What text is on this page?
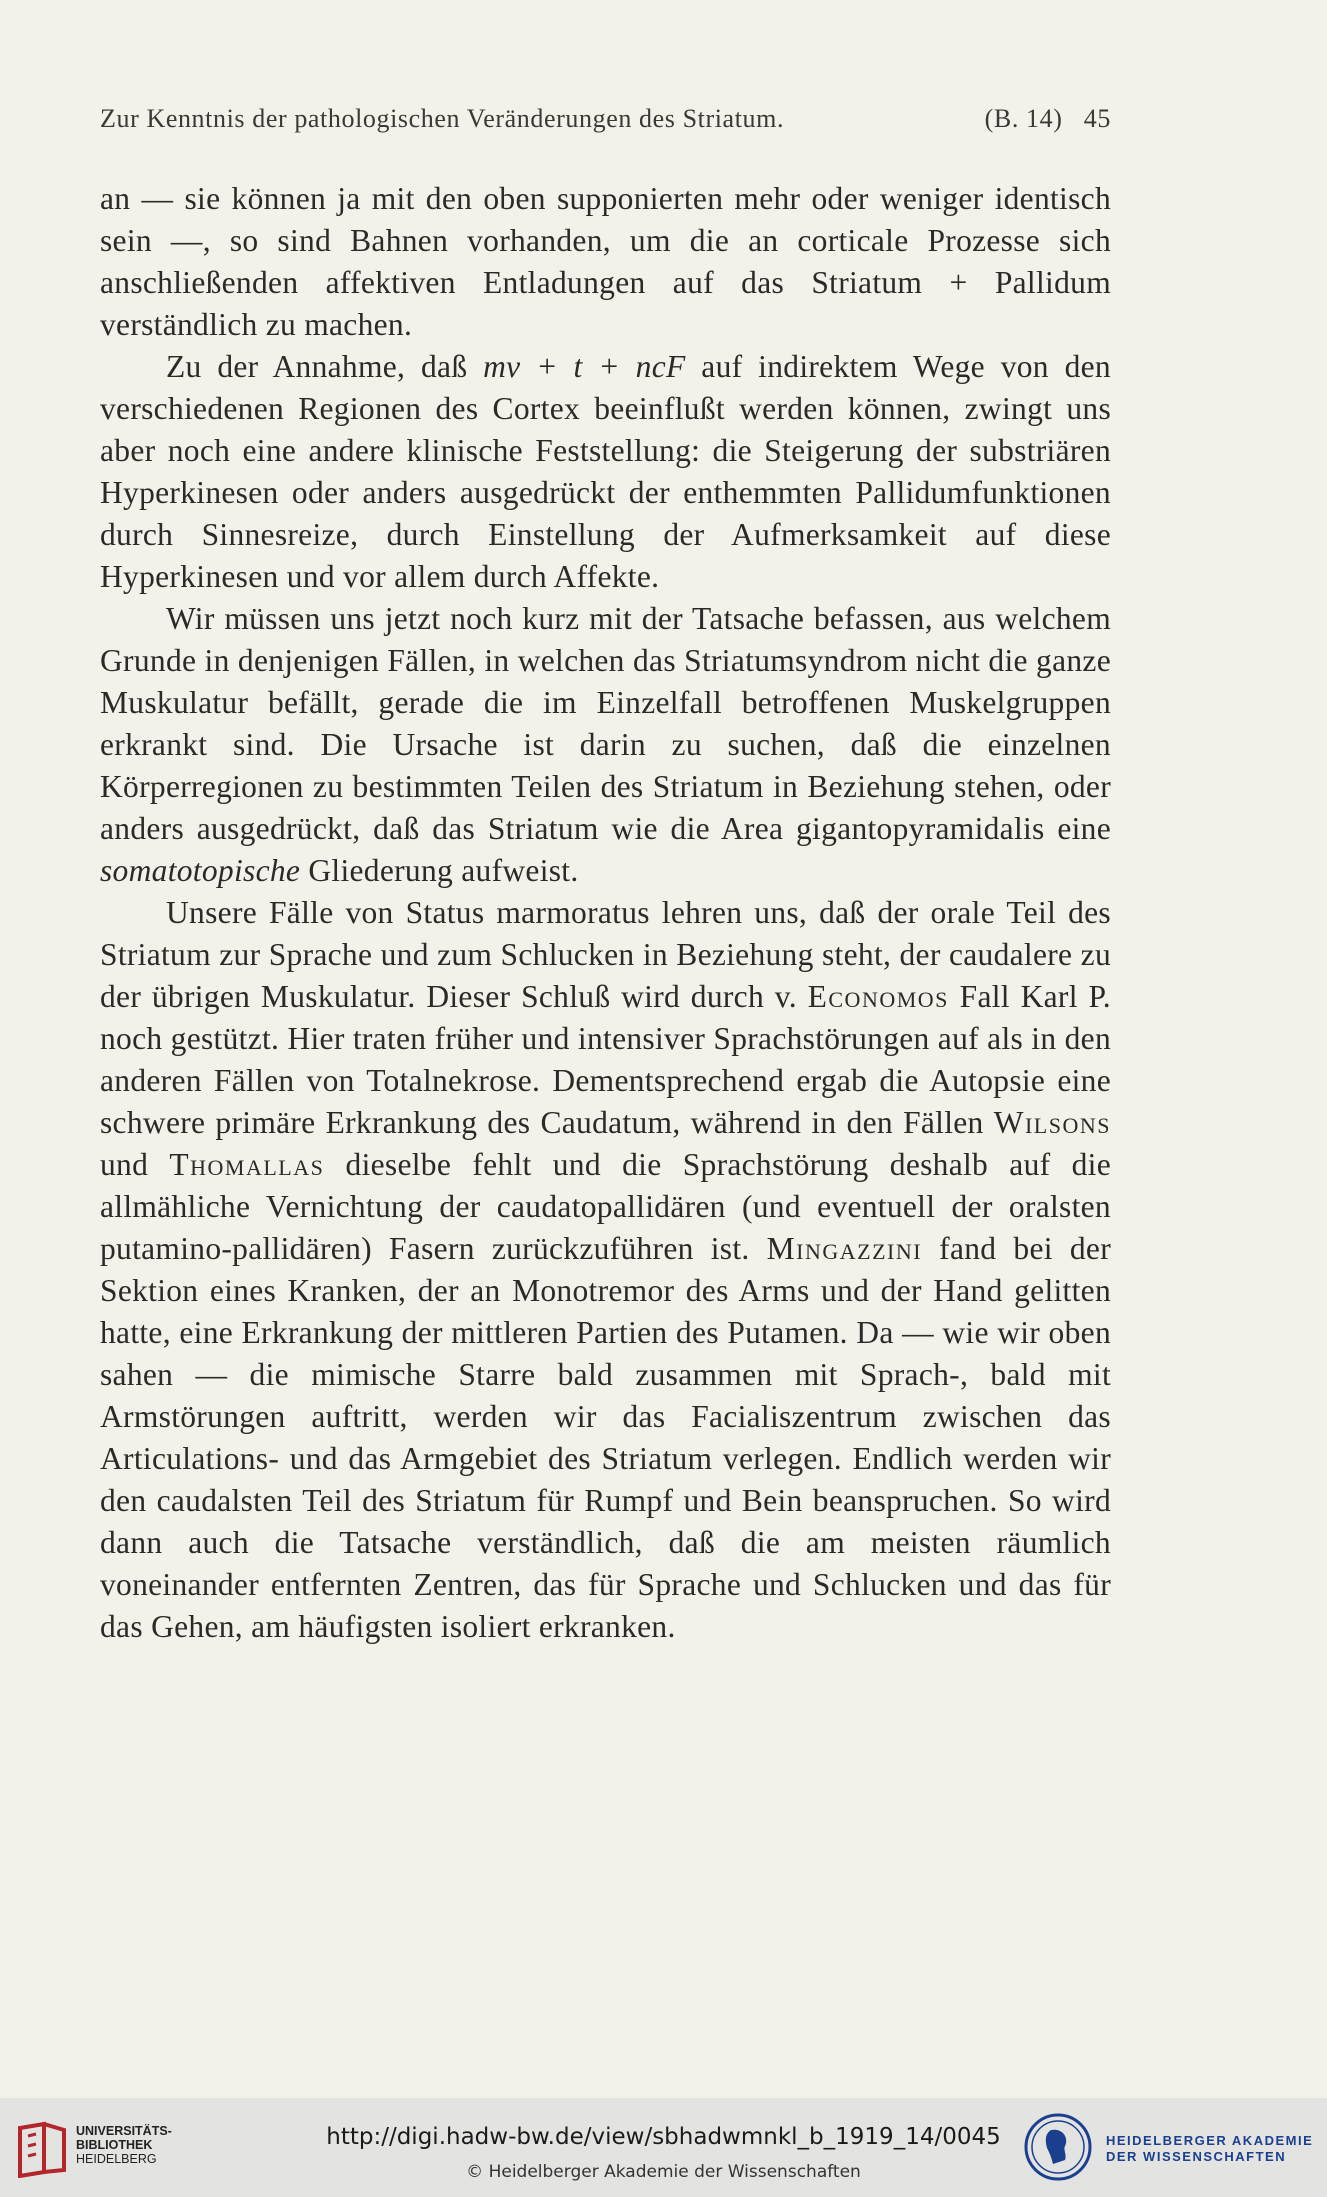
Zur Kenntnis der pathologischen Veränderungen des Striatum.	(B. 14) 45

an — sie können ja mit den oben supponierten mehr oder weniger identisch sein —, so sind Bahnen vorhanden, um die an corticale Prozesse sich anschließenden affektiven Entladungen auf das Striatum + Pallidum verständlich zu machen.

Zu der Annahme, daß mv + t + ncF auf indirektem Wege von den verschiedenen Regionen des Cortex beeinflußt werden können, zwingt uns aber noch eine andere klinische Feststellung: die Steigerung der substriären Hyperkinesen oder anders ausgedrückt der enthemmten Pallidumfunktionen durch Sinnesreize, durch Einstellung der Aufmerksamkeit auf diese Hyperkinesen und vor allem durch Affekte.

Wir müssen uns jetzt noch kurz mit der Tatsache befassen, aus welchem Grunde in denjenigen Fällen, in welchen das Striatumsyndrom nicht die ganze Muskulatur befällt, gerade die im Einzelfall betroffenen Muskelgruppen erkrankt sind. Die Ursache ist darin zu suchen, daß die einzelnen Körperregionen zu bestimmten Teilen des Striatum in Beziehung stehen, oder anders ausgedrückt, daß das Striatum wie die Area gigantopyramidalis eine somatotopische Gliederung aufweist.

Unsere Fälle von Status marmoratus lehren uns, daß der orale Teil des Striatum zur Sprache und zum Schlucken in Beziehung steht, der caudalere zu der übrigen Muskulatur. Dieser Schluß wird durch v. Economos Fall Karl P. noch gestützt. Hier traten früher und intensiver Sprachstörungen auf als in den anderen Fällen von Totalnekrose. Dementsprechend ergab die Autopsie eine schwere primäre Erkrankung des Caudatum, während in den Fällen Wilsons und Thomallas dieselbe fehlt und die Sprachstörung deshalb auf die allmähliche Vernichtung der caudatopallidären (und eventuell der oralsten putamino-pallidären) Fasern zurückzuführen ist. Mingazzini fand bei der Sektion eines Kranken, der an Monotremor des Arms und der Hand gelitten hatte, eine Erkrankung der mittleren Partien des Putamen. Da — wie wir oben sahen — die mimische Starre bald zusammen mit Sprach-, bald mit Armstörungen auftritt, werden wir das Facialiszentrum zwischen das Articulations- und das Armgebiet des Striatum verlegen. Endlich werden wir den caudalsten Teil des Striatum für Rumpf und Bein beanspruchen. So wird dann auch die Tatsache verständlich, daß die am meisten räumlich voneinander entfernten Zentren, das für Sprache und Schlucken und das für das Gehen, am häufigsten isoliert erkranken.

UNIVERSITÄTS-
BIBLIOTHEK
HEIDELBERG
http://digi.hadw-bw.de/view/sbhadwmnkl_b_1919_14/0045
© Heidelberger Akademie der Wissenschaften
HEIDELBERGER AKADEMIE
DER WISSENSCHAFTEN
